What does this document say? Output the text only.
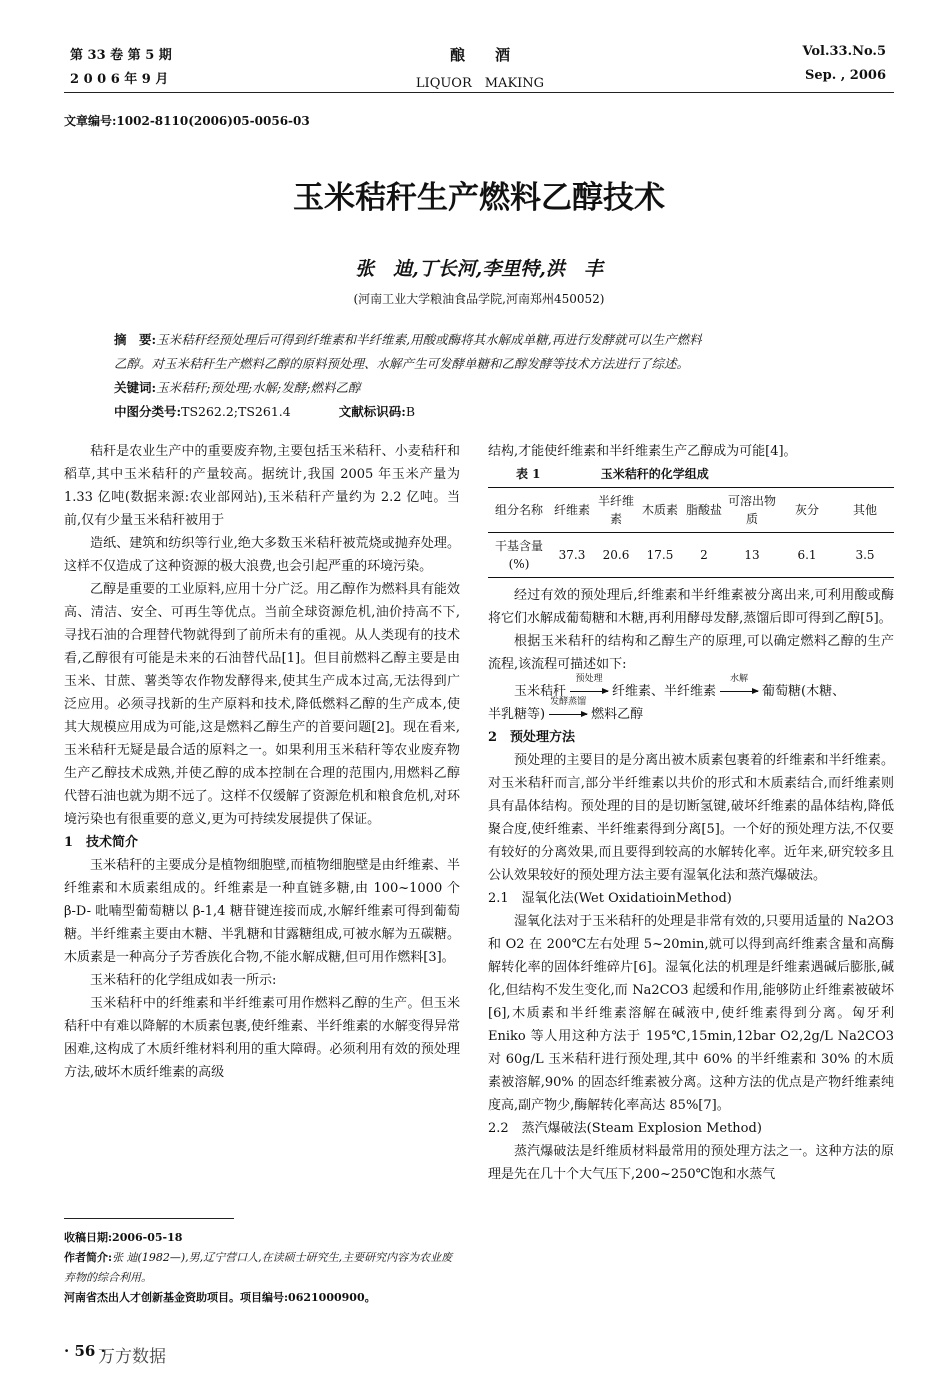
第 33 卷 第 5 期
2 0 0 6 年 9 月
酿　　酒
LIQUOR　MAKING
Vol.33.No.5
Sep. , 2006
文章编号:1002-8110(2006)05-0056-03
玉米秸秆生产燃料乙醇技术
张　迪,丁长河,李里特,洪　丰
(河南工业大学粮油食品学院,河南郑州450052)
摘　要:玉米秸秆经预处理后可得到纤维素和半纤维素,用酸或酶将其水解成单糖,再进行发酵就可以生产燃料
乙醇。对玉米秸秆生产燃料乙醇的原料预处理、水解产生可发酵单糖和乙醇发酵等技术方法进行了综述。
关键词:玉米秸秆;预处理;水解;发酵;燃料乙醇
中图分类号:TS262.2;TS261.4	文献标识码:B

秸秆是农业生产中的重要废弃物,主要包括玉米秸秆、小麦秸秆和稻草,其中玉米秸秆的产量较高。据统计,我国 2005 年玉米产量为 1.33 亿吨(数据来源:农业部网站),玉米秸秆产量约为 2.2 亿吨。当前,仅有少量玉米秸秆被用于

造纸、建筑和纺织等行业,绝大多数玉米秸秆被荒烧或抛弃处理。这样不仅造成了这种资源的极大浪费,也会引起严重的环境污染。

乙醇是重要的工业原料,应用十分广泛。用乙醇作为燃料具有能效高、清洁、安全、可再生等优点。当前全球资源危机,油价持高不下,寻找石油的合理替代物就得到了前所未有的重视。从人类现有的技术看,乙醇很有可能是未来的石油替代品[1]。但目前燃料乙醇主要是由玉米、甘蔗、薯类等农作物发酵得来,使其生产成本过高,无法得到广泛应用。必须寻找新的生产原料和技术,降低燃料乙醇的生产成本,使其大规模应用成为可能,这是燃料乙醇生产的首要问题[2]。现在看来,玉米秸秆无疑是最合适的原料之一。如果利用玉米秸秆等农业废弃物生产乙醇技术成熟,并使乙醇的成本控制在合理的范围内,用燃料乙醇代替石油也就为期不远了。这样不仅缓解了资源危机和粮食危机,对环境污染也有很重要的意义,更为可持续发展提供了保证。

1　技术简介

玉米秸秆的主要成分是植物细胞壁,而植物细胞壁是由纤维素、半纤维素和木质素组成的。纤维素是一种直链多糖,由 100~1000 个 β-D- 吡喃型葡萄糖以 β-1,4 糖苷键连接而成,水解纤维素可得到葡萄糖。半纤维素主要由木糖、半乳糖和甘露糖组成,可被水解为五碳糖。木质素是一种高分子芳香族化合物,不能水解成糖,但可用作燃料[3]。

玉米秸秆的化学组成如表一所示:

玉米秸秆中的纤维素和半纤维素可用作燃料乙醇的生产。但玉米秸秆中有难以降解的木质素包裹,使纤维素、半纤维素的水解变得异常困难,这构成了木质纤维材料利用的重大障碍。必须利用有效的预处理方法,破坏木质纤维素的高级

收稿日期:2006-05-18
作者简介:张 迪(1982—),男,辽宁营口人,在读硕士研究生,主要研究内容为农业废弃物的综合利用。
河南省杰出人才创新基金资助项目。项目编号:0621000900。

结构,才能使纤维素和半纤维素生产乙醇成为可能[4]。

表 1	玉米秸秆的化学组成
组分名称	纤维素	半纤维素	木质素	脂酸盐	可溶出物质	灰分	其他
干基含量(%)	37.3	20.6	17.5	2	13	6.1	3.5

经过有效的预处理后,纤维素和半纤维素被分离出来,可利用酸或酶将它们水解成葡萄糖和木糖,再利用酵母发酵,蒸馏后即可得到乙醇[5]。

根据玉米秸秆的结构和乙醇生产的原理,可以确定燃料乙醇的生产流程,该流程可描述如下:

玉米秸秆
预处理
纤维素、半纤维素
水解
葡萄糖(木糖、
半乳糖等)
发酵蒸馏
燃料乙醇
2　预处理方法

预处理的主要目的是分离出被木质素包裹着的纤维素和半纤维素。对玉米秸秆而言,部分半纤维素以共价的形式和木质素结合,而纤维素则具有晶体结构。预处理的目的是切断氢键,破坏纤维素的晶体结构,降低聚合度,使纤维素、半纤维素得到分离[5]。一个好的预处理方法,不仅要有较好的分离效果,而且要得到较高的水解转化率。近年来,研究较多且公认效果较好的预处理方法主要有湿氧化法和蒸汽爆破法。

2.1　湿氧化法(Wet OxidatioinMethod)

湿氧化法对于玉米秸秆的处理是非常有效的,只要用适量的 Na2O3 和 O2 在 200℃左右处理 5~20min,就可以得到高纤维素含量和高酶解转化率的固体纤维碎片[6]。湿氧化法的机理是纤维素遇碱后膨胀,碱化,但结构不发生变化,而 Na2CO3 起缓和作用,能够防止纤维素被破坏[6],木质素和半纤维素溶解在碱液中,使纤维素得到分离。匈牙利 Eniko 等人用这种方法于 195℃,15min,12bar O2,2g/L Na2CO3 对 60g/L 玉米秸秆进行预处理,其中 60% 的半纤维素和 30% 的木质素被溶解,90% 的固态纤维素被分离。这种方法的优点是产物纤维素纯度高,副产物少,酶解转化率高达 85%[7]。

2.2　蒸汽爆破法(Steam Explosion Method)

蒸汽爆破法是纤维质材料最常用的预处理方法之一。这种方法的原理是先在几十个大气压下,200~250℃饱和水蒸气

· 56 ·
万方数据
